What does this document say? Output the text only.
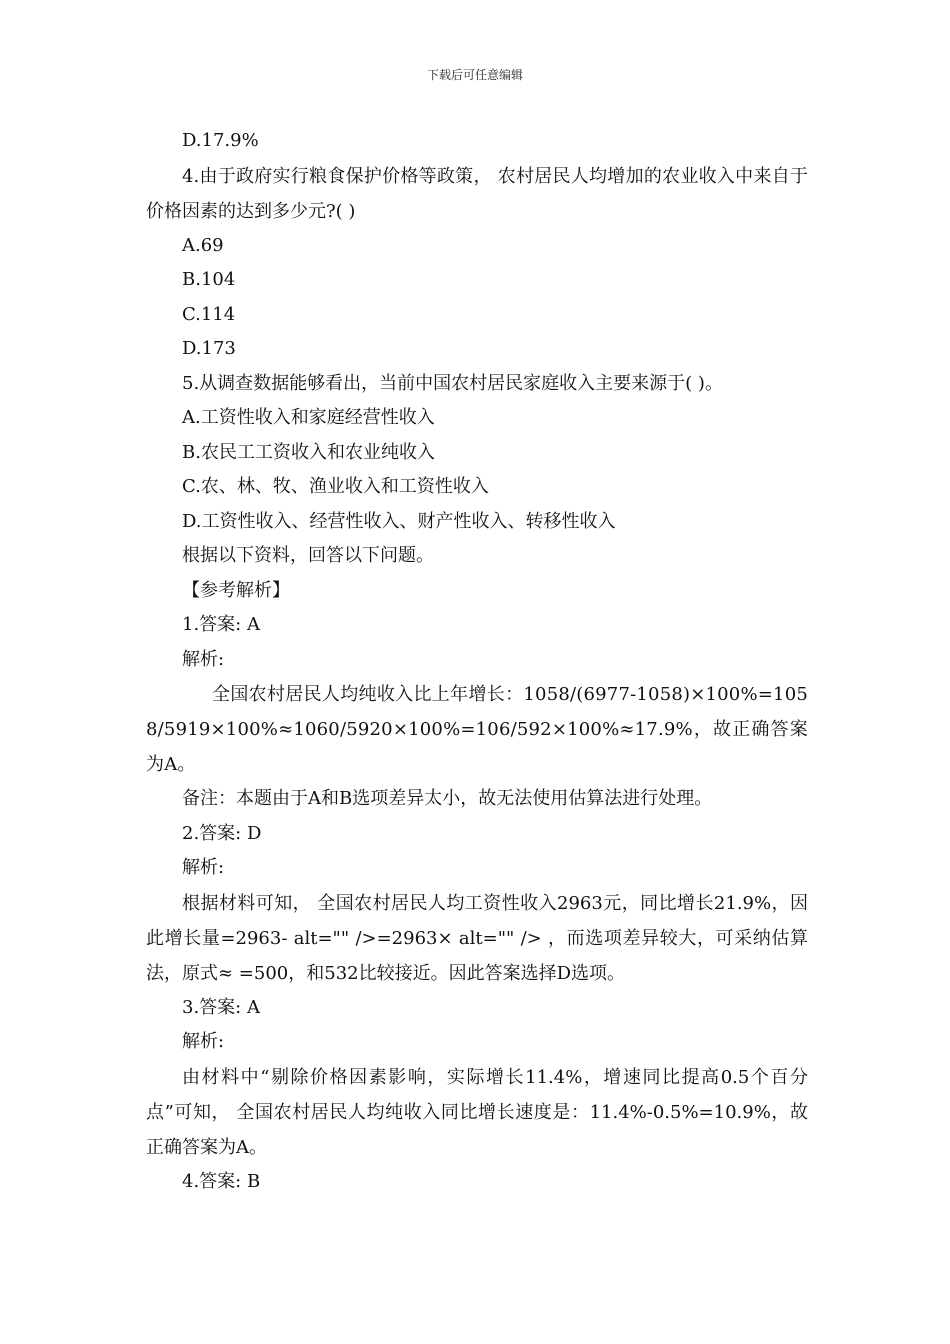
下载后可任意编辑
D.17.9%
4.由于政府实行粮食保护价格等政策， 农村居民人均增加的农业收入中来自于价格因素的达到多少元?( )
A.69
B.104
C.114
D.173
5.从调查数据能够看出，当前中国农村居民家庭收入主要来源于( )。
A.工资性收入和家庭经营性收入
B.农民工工资收入和农业纯收入
C.农、林、牧、渔业收入和工资性收入
D.工资性收入、经营性收入、财产性收入、转移性收入
根据以下资料，回答以下问题。
【参考解析】
1.答案: A
解析:
全国农村居民人均纯收入比上年增长：1058/(6977-1058)×100%=1058/5919×100%≈1060/5920×100%=106/592×100%≈17.9%，故正确答案为A。
备注：本题由于A和B选项差异太小，故无法使用估算法进行处理。
2.答案: D
解析:
根据材料可知， 全国农村居民人均工资性收入2963元，同比增长21.9%，因此增长量=2963- alt="" />=2963× alt="" /> ，而选项差异较大，可采纳估算法，原式≈ =500，和532比较接近。因此答案选择D选项。
3.答案: A
解析:
由材料中“剔除价格因素影响，实际增长11.4%，增速同比提高0.5个百分点”可知， 全国农村居民人均纯收入同比增长速度是：11.4%-0.5%=10.9%，故正确答案为A。
4.答案: B
